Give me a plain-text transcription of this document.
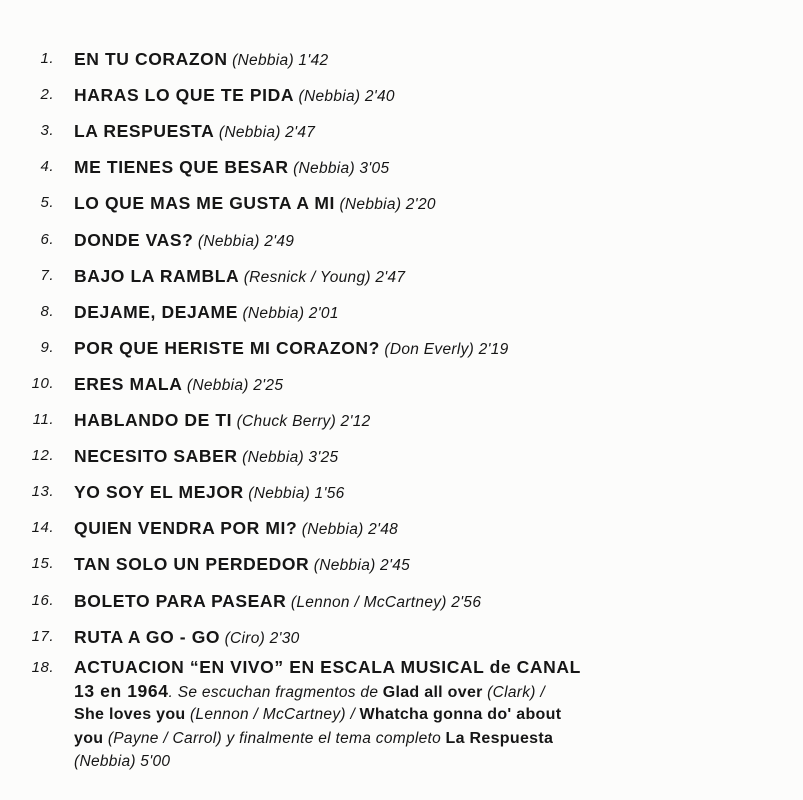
1. EN TU CORAZON (Nebbia) 1'42
2. HARAS LO QUE TE PIDA (Nebbia) 2'40
3. LA RESPUESTA (Nebbia) 2'47
4. ME TIENES QUE BESAR (Nebbia) 3'05
5. LO QUE MAS ME GUSTA A MI (Nebbia) 2'20
6. DONDE VAS? (Nebbia) 2'49
7. BAJO LA RAMBLA (Resnick / Young) 2'47
8. DEJAME, DEJAME (Nebbia) 2'01
9. POR QUE HERISTE MI CORAZON? (Don Everly) 2'19
10. ERES MALA (Nebbia) 2'25
11. HABLANDO DE TI (Chuck Berry) 2'12
12. NECESITO SABER (Nebbia) 3'25
13. YO SOY EL MEJOR (Nebbia) 1'56
14. QUIEN VENDRA POR MI? (Nebbia) 2'48
15. TAN SOLO UN PERDEDOR (Nebbia) 2'45
16. BOLETO PARA PASEAR (Lennon / McCartney) 2'56
17. RUTA A GO - GO (Ciro) 2'30
18. ACTUACION “EN VIVO” EN ESCALA MUSICAL de CANAL
13 en 1964. Se escuchan fragmentos de Glad all over (Clark) /
She loves you (Lennon / McCartney) / Whatcha gonna do' about
you (Payne / Carrol) y finalmente el tema completo La Respuesta
(Nebbia) 5'00
